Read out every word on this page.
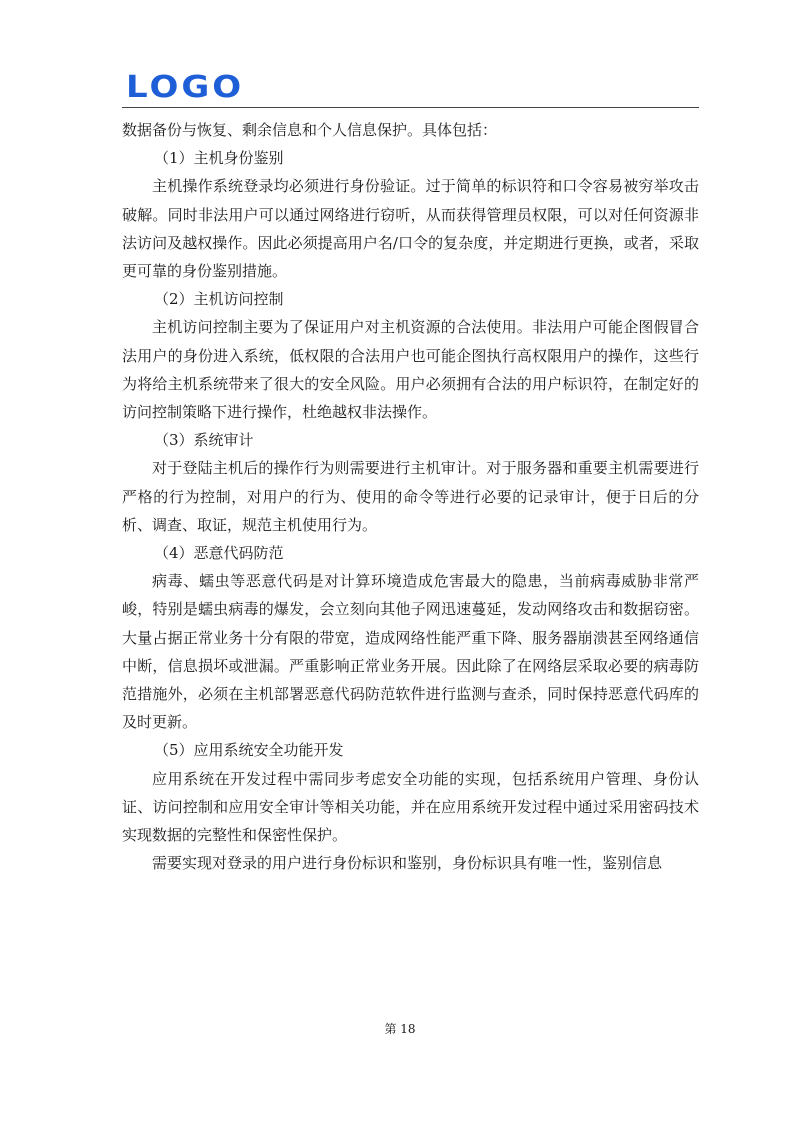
LOGO

数据备份与恢复、剩余信息和个人信息保护。具体包括：

（1）主机身份鉴别

主机操作系统登录均必须进行身份验证。过于简单的标识符和口令容易被穷举攻击破解。同时非法用户可以通过网络进行窃听，从而获得管理员权限，可以对任何资源非法访问及越权操作。因此必须提高用户名/口令的复杂度，并定期进行更换，或者，采取更可靠的身份鉴别措施。

（2）主机访问控制

主机访问控制主要为了保证用户对主机资源的合法使用。非法用户可能企图假冒合法用户的身份进入系统，低权限的合法用户也可能企图执行高权限用户的操作，这些行为将给主机系统带来了很大的安全风险。用户必须拥有合法的用户标识符，在制定好的访问控制策略下进行操作，杜绝越权非法操作。

（3）系统审计

对于登陆主机后的操作行为则需要进行主机审计。对于服务器和重要主机需要进行严格的行为控制，对用户的行为、使用的命令等进行必要的记录审计，便于日后的分析、调查、取证，规范主机使用行为。

（4）恶意代码防范

病毒、蠕虫等恶意代码是对计算环境造成危害最大的隐患，当前病毒威胁非常严峻，特别是蠕虫病毒的爆发，会立刻向其他子网迅速蔓延，发动网络攻击和数据窃密。大量占据正常业务十分有限的带宽，造成网络性能严重下降、服务器崩溃甚至网络通信中断，信息损坏或泄漏。严重影响正常业务开展。因此除了在网络层采取必要的病毒防范措施外，必须在主机部署恶意代码防范软件进行监测与查杀，同时保持恶意代码库的及时更新。

（5）应用系统安全功能开发

应用系统在开发过程中需同步考虑安全功能的实现，包括系统用户管理、身份认证、访问控制和应用安全审计等相关功能，并在应用系统开发过程中通过采用密码技术实现数据的完整性和保密性保护。

需要实现对登录的用户进行身份标识和鉴别，身份标识具有唯一性，鉴别信息

第 18
